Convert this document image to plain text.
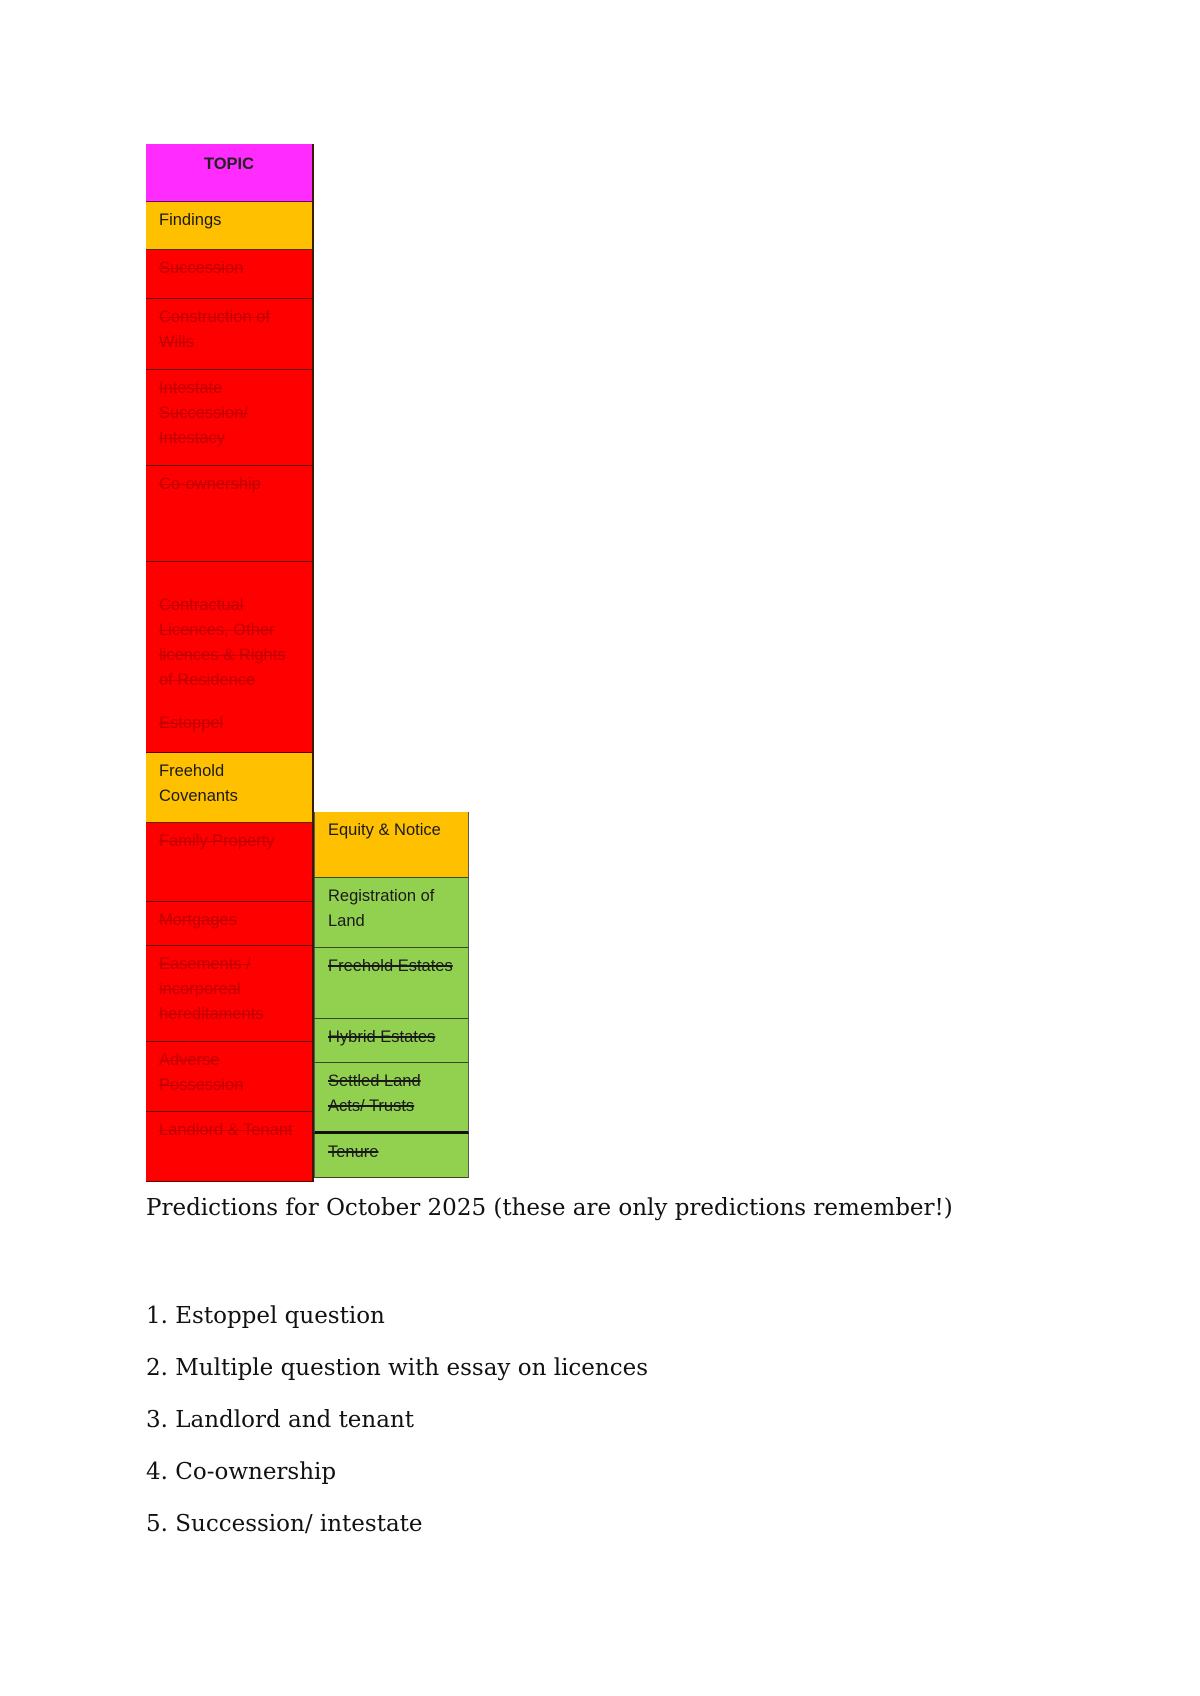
TOPIC
Findings
Succession
Construction of Wills
Intestate Succession/ Intestacy
Co-ownership

Contractual Licences, Other licences & Rights of Residence
Estoppel

Freehold Covenants
Family Property
Mortgages
Easements / incorporeal hereditaments
Adverse Possession
Landlord & Tenant
Equity & Notice
Registration of Land
Freehold Estates
Hybrid Estates
Settled Land Acts/ Trusts
Tenure
Predictions for October 2025 (these are only predictions remember!)
1. Estoppel question
2. Multiple question with essay on licences
3. Landlord and tenant
4. Co-ownership
5. Succession/ intestate
